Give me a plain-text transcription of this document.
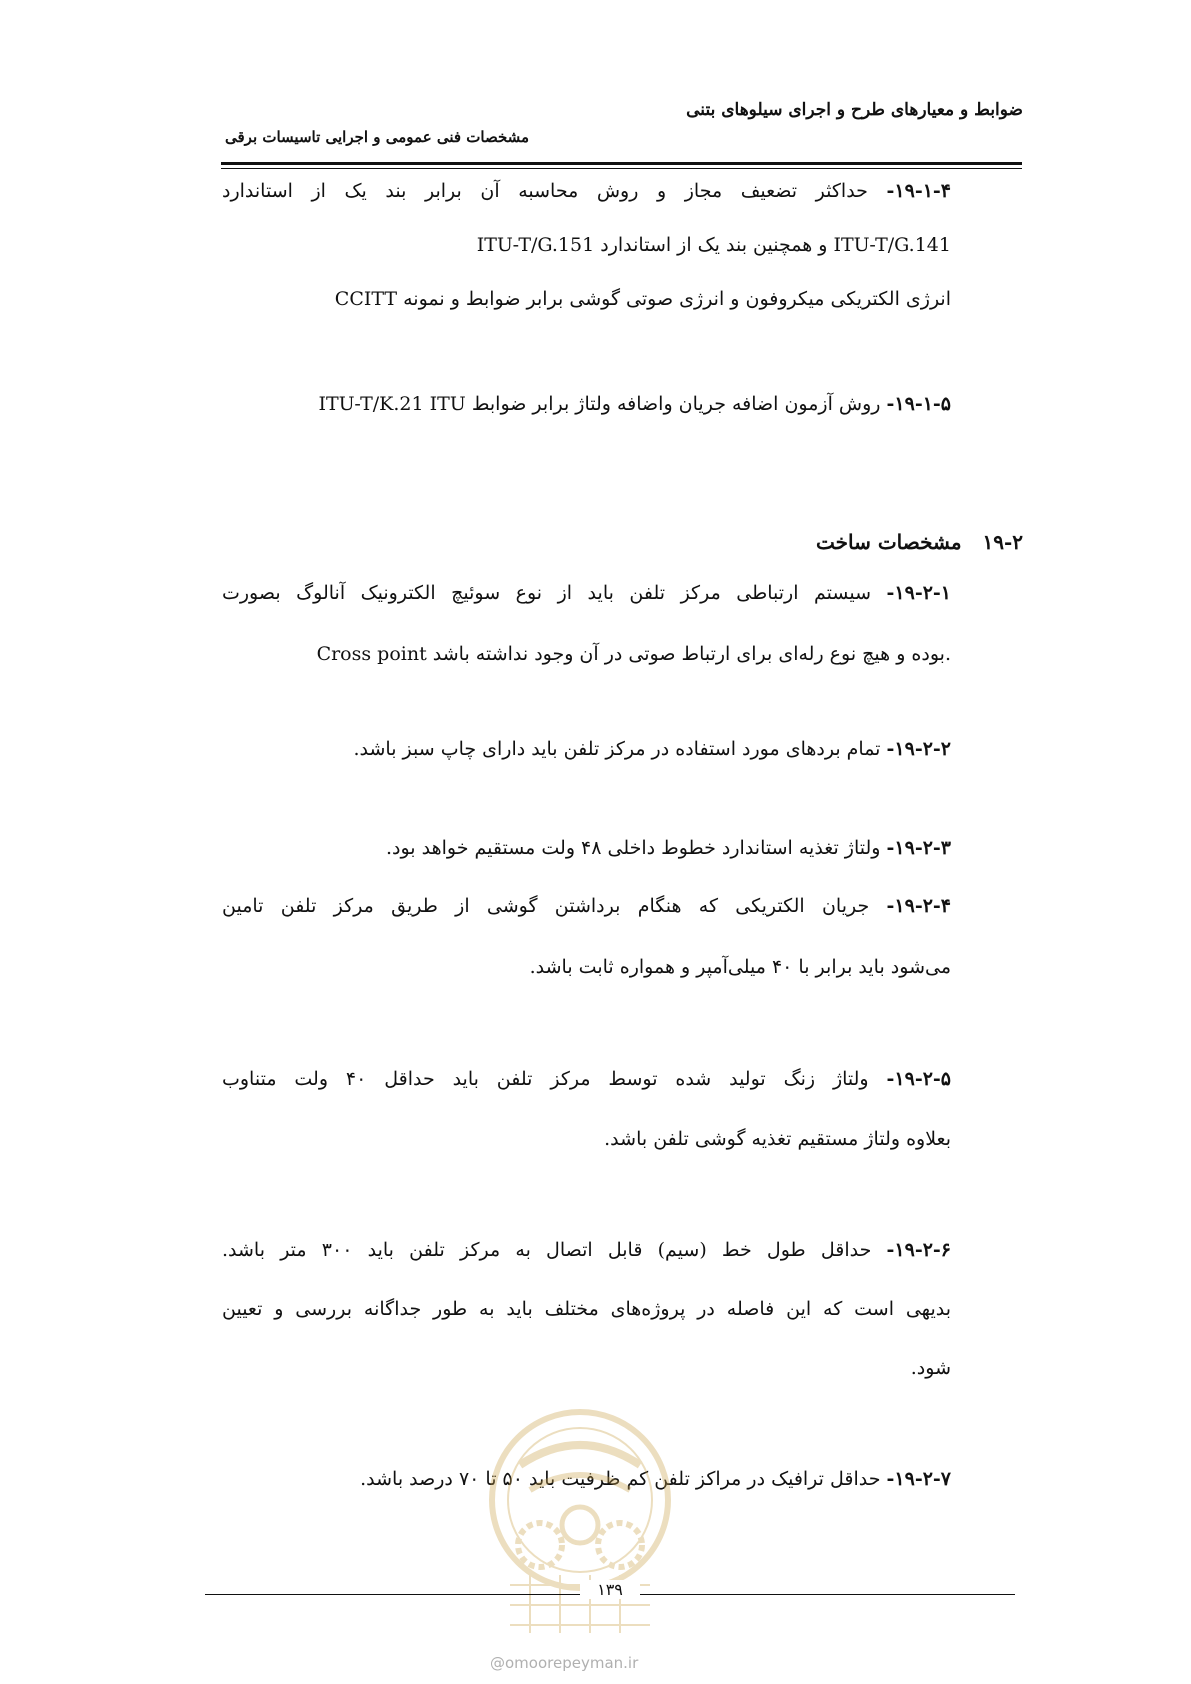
ضوابط و معیارهای طرح و اجرای سیلوهای بتنی
مشخصات فنی عمومی و اجرایی تاسیسات برقی
۱۹-۱-۴- حداکثر تضعیف مجاز و روش محاسبه آن برابر بند یک از استاندارد
ITU-T/G.151 و همچنین بند یک از استاندارد ITU-T/G.141
انرژی الکتریکی میکروفون و انرژی صوتی گوشی برابر ضوابط و نمونه CCITT
۱۹-۱-۵- روش آزمون اضافه جریان واضافه ولتاژ برابر ضوابط ITU-T/K.21 ITU
۱۹-۲   مشخصات ساخت
۱۹-۲-۱- سیستم ارتباطی مرکز تلفن باید از نوع سوئیچ الکترونیک آنالوگ بصورت
Cross point بوده و هیچ نوع رله‌ای برای ارتباط صوتی در آن وجود نداشته باشد.
۱۹-۲-۲- تمام بردهای مورد استفاده در مرکز تلفن باید دارای چاپ سبز باشد.
۱۹-۲-۳- ولتاژ تغذیه استاندارد خطوط داخلی ۴۸ ولت مستقیم خواهد بود.
۱۹-۲-۴- جریان الکتریکی که هنگام برداشتن گوشی از طریق مرکز تلفن تامین
می‌شود باید برابر با ۴۰ میلی‌آمپر و همواره ثابت باشد.
۱۹-۲-۵- ولتاژ زنگ تولید شده توسط مرکز تلفن باید حداقل ۴۰ ولت متناوب
بعلاوه ولتاژ مستقیم تغذیه گوشی تلفن باشد.
۱۹-۲-۶- حداقل طول خط (سیم) قابل اتصال به مرکز تلفن باید ۳۰۰ متر باشد.
بدیهی است که این فاصله در پروژه‌های مختلف باید به طور جداگانه بررسی و تعیین
شود.
۱۹-۲-۷- حداقل ترافیک در مراکز تلفن کم ظرفیت باید ۵۰ تا ۷۰ درصد باشد.
۱۳۹
@omoorepeyman.ir
